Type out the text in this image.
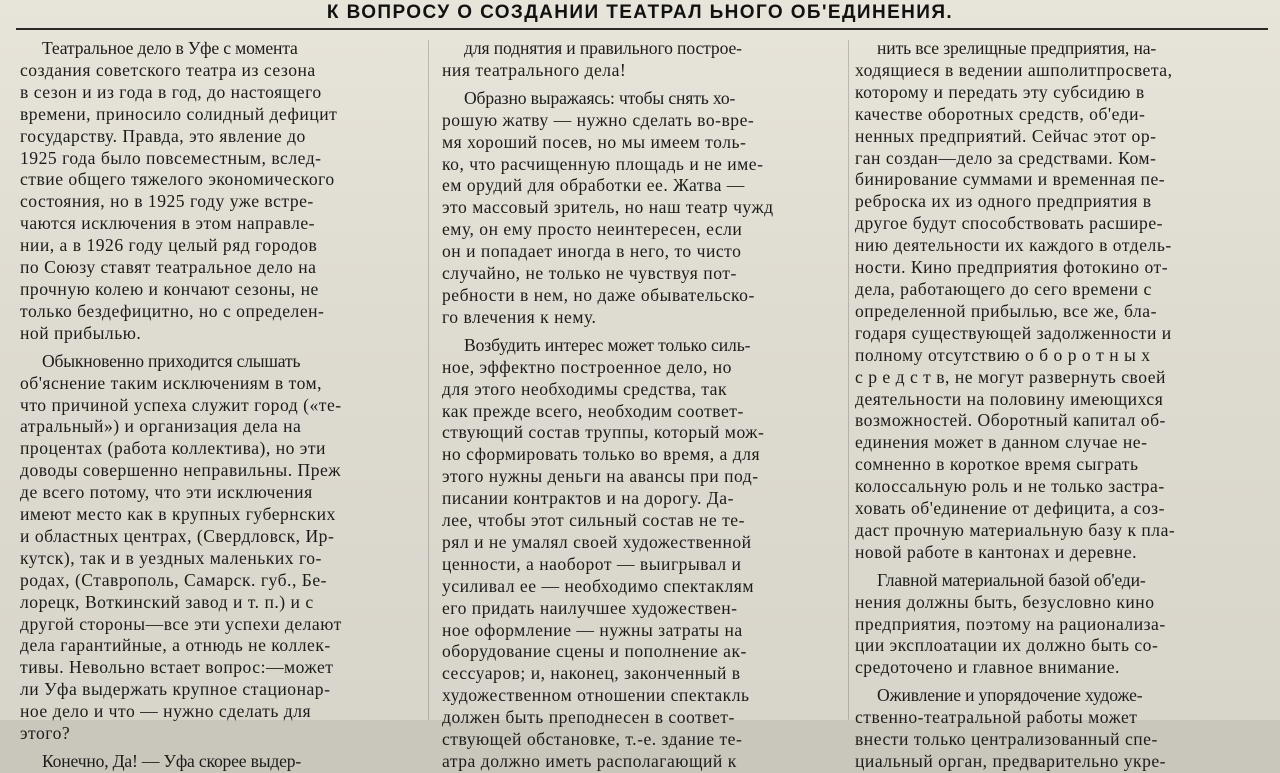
К ВОПРОСУ О СОЗДАНИИ ТЕАТРАЛ ЬНОГО ОБ'ЕДИНЕНИЯ.
Театральное дело в Уфе с момента
создания советского театра из сезона
в сезон и из года в год, до настоящего
времени, приносило солидный дефицит
государству. Правда, это явление до
1925 года было повсеместным, вслед-
ствие общего тяжелого экономического
состояния, но в 1925 году уже встре-
чаются исключения в этом направле-
нии, а в 1926 году целый ряд городов
по Союзу ставят театральное дело на
прочную колею и кончают сезоны, не
только бездефицитно, но с определен-
ной прибылью.
Обыкновенно приходится слышать
об'яснение таким исключениям в том,
что причиной успеха служит город («те-
атральный») и организация дела на
процентах (работа коллектива), но эти
доводы совершенно неправильны. Преж
де всего потому, что эти исключения
имеют место как в крупных губернских
и областных центрах, (Свердловск, Ир-
кутск), так и в уездных маленьких го-
родах, (Ставрополь, Самарск. губ., Бе-
лорецк, Воткинский завод и т. п.) и с
другой стороны—все эти успехи делают
дела гарантийные, а отнюдь не коллек-
тивы. Невольно встает вопрос:—может
ли Уфа выдержать крупное стационар-
ное дело и что — нужно сделать для
этого?
Конечно, Да! — Уфа скорее выдер-
для поднятия и правильного построе-
ния театрального дела!
Образно выражаясь: чтобы снять хо-
рошую жатву — нужно сделать во-вре-
мя хороший посев, но мы имеем толь-
ко, что расчищенную площадь и не име-
ем орудий для обработки ее. Жатва —
это массовый зритель, но наш театр чужд
ему, он ему просто неинтересен, если
он и попадает иногда в него, то чисто
случайно, не только не чувствуя пот-
ребности в нем, но даже обывательско-
го влечения к нему.
Возбудить интерес может только силь-
ное, эффектно построенное дело, но
для этого необходимы средства, так
как прежде всего, необходим соответ-
ствующий состав труппы, который мож-
но сформировать только во время, а для
этого нужны деньги на авансы при под-
писании контрактов и на дорогу. Да-
лее, чтобы этот сильный состав не те-
рял и не умалял своей художественной
ценности, а наоборот — выигрывал и
усиливал ее — необходимо спектаклям
его придать наилучшее художествен-
ное оформление — нужны затраты на
оборудование сцены и пополнение ак-
сессуаров; и, наконец, законченный в
художественном отношении спектакль
должен быть преподнесен в соответ-
ствующей обстановке, т.-е. здание те-
атра должно иметь располагающий к
нить все зрелищные предприятия, на-
ходящиеся в ведении ашполитпросвета,
которому и передать эту субсидию в
качестве оборотных средств, об'еди-
ненных предприятий. Сейчас этот ор-
ган создан—дело за средствами. Ком-
бинирование суммами и временная пе-
реброска их из одного предприятия в
другое будут способствовать расшире-
нию деятельности их каждого в отдель-
ности. Кино предприятия фотокино от-
дела, работающего до сего времени с
определенной прибылью, все же, бла-
годаря существующей задолженности и
полному отсутствию о б о р о т н ы х
с р е д с т в, не могут развернуть своей
деятельности на половину имеющихся
возможностей. Оборотный капитал об-
единения может в данном случае не-
сомненно в короткое время сыграть
колоссальную роль и не только застра-
ховать об'единение от дефицита, а соз-
даст прочную материальную базу к пла-
новой работе в кантонах и деревне.
Главной материальной базой об'еди-
нения должны быть, безусловно кино
предприятия, поэтому на рационализа-
ции эксплоатации их должно быть со-
средоточено и главное внимание.
Оживление и упорядочение художе-
ственно-театральной работы может
внести только централизованный спе-
циальный орган, предварительно укре-
